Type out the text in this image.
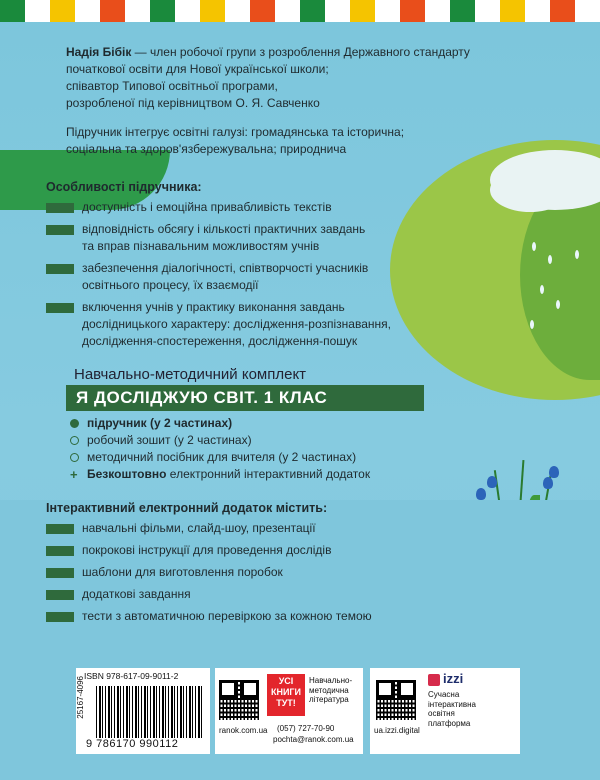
Надія Бібік — член робочої групи з розроблення Державного стандарту
початкової освіти для Нової української школи;
співавтор Типової освітньої програми,
розробленої під керівництвом О. Я. Савченко
Підручник інтегрує освітні галузі: громадянська та історична;
соціальна та здоров'язбережувальна; природнича
Особливості підручника:
доступність і емоційна привабливість текстів
відповідність обсягу і кількості практичних завдань
та вправ пізнавальним можливостям учнів
забезпечення діалогічності, співтворчості учасників
освітнього процесу, їх взаємодії
включення учнів у практику виконання завдань
дослідницького характеру: дослідження-розпізнавання,
дослідження-спостереження, дослідження-пошук
Навчально-методичний комплект
Я ДОСЛІДЖУЮ СВІТ. 1 КЛАС
підручник (у 2 частинах)
робочий зошит (у 2 частинах)
методичний посібник для вчителя (у 2 частинах)
+ Безкоштовно електронний інтерактивний додаток
Інтерактивний електронний додаток містить:
навчальні фільми, слайд-шоу, презентації
покрокові інструкції для проведення дослідів
шаблони для виготовлення поробок
додаткові завдання
тести з автоматичною перевіркою за кожною темою
ISBN 978-617-09-9011-2
9 786170 990112
25167-4096
ranok.com.ua
УСІ
КНИГИ
ТУТ!
Навчально-
методична
література
(057) 727-70-90
pochta@ranok.com.ua
ua.izzi.digital
izzi
Сучасна
інтерактивна
освітня
платформа
